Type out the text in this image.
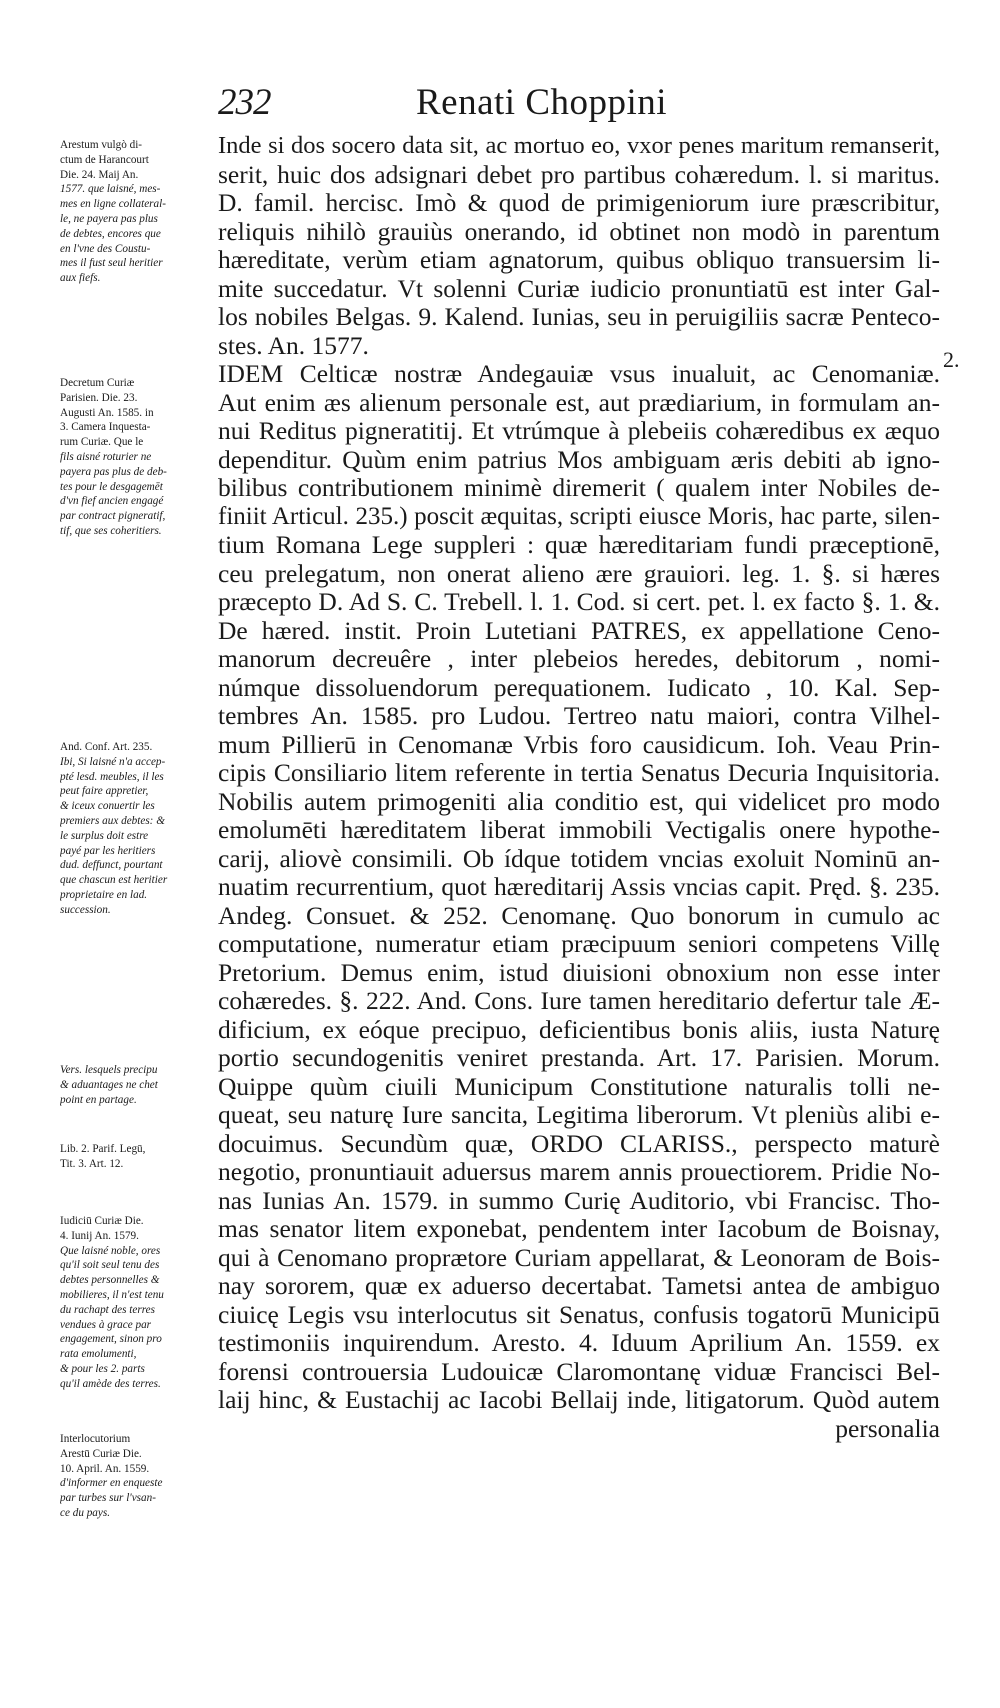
232	Renati Choppini
2.
Inde si dos socero data sit, ac mortuo eo, vxor penes maritum remanserit,
serit, huic dos adsignari debet pro partibus cohæredum. l. si maritus.
D. famil. hercisc. Imò & quod de primigeniorum iure præscribitur,
reliquis nihilò grauiùs onerando, id obtinet non modò in parentum
hæreditate, verùm etiam agnatorum, quibus obliquo transuersim li-
mite succedatur. Vt solenni Curiæ iudicio pronuntiatū est inter Gal-
los nobiles Belgas. 9. Kalend. Iunias, seu in peruigiliis sacræ Penteco-
stes. An. 1577.
IDEM Celticæ nostræ Andegauiæ vsus inualuit, ac Cenomaniæ.
Aut enim æs alienum personale est, aut prædiarium, in formulam an-
nui Reditus pigneratitij. Et vtrúmque à plebeiis cohæredibus ex æquo
dependitur. Quùm enim patrius Mos ambiguam æris debiti ab igno-
bilibus contributionem minimè diremerit ( qualem inter Nobiles de-
finiit Articul. 235.) poscit æquitas, scripti eiusce Moris, hac parte, silen-
tium Romana Lege suppleri : quæ hæreditariam fundi præceptionē,
ceu prelegatum, non onerat alieno ære grauiori. leg. 1. §. si hæres
præcepto D. Ad S. C. Trebell. l. 1. Cod. si cert. pet. l. ex facto §. 1. &.
De hæred. instit. Proin Lutetiani PATRES, ex appellatione Ceno-
manorum decreuêre , inter plebeios heredes, debitorum , nomi-
númque dissoluendorum perequationem. Iudicato , 10. Kal. Sep-
tembres An. 1585. pro Ludou. Tertreo natu maiori, contra Vilhel-
mum Pillierū in Cenomanæ Vrbis foro causidicum. Ioh. Veau Prin-
cipis Consiliario litem referente in tertia Senatus Decuria Inquisitoria.
Nobilis autem primogeniti alia conditio est, qui videlicet pro modo
emolumēti hæreditatem liberat immobili Vectigalis onere hypothe-
carij, aliovè consimili. Ob ídque totidem vncias exoluit Nominū an-
nuatim recurrentium, quot hæreditarij Assis vncias capit. Pręd. §. 235.
Andeg. Consuet. & 252. Cenomanę. Quo bonorum in cumulo ac
computatione, numeratur etiam præcipuum seniori competens Villę
Pretorium. Demus enim, istud diuisioni obnoxium non esse inter
cohæredes. §. 222. And. Cons. Iure tamen hereditario defertur tale Æ-
dificium, ex eóque precipuo, deficientibus bonis aliis, iusta Naturę
portio secundogenitis veniret prestanda. Art. 17. Parisien. Morum.
Quippe quùm ciuili Municipum Constitutione naturalis tolli ne-
queat, seu naturę Iure sancita, Legitima liberorum. Vt pleniùs alibi e-
docuimus. Secundùm quæ, ORDO CLARISS., perspecto maturè
negotio, pronuntiauit aduersus marem annis prouectiorem. Pridie No-
nas Iunias An. 1579. in summo Curię Auditorio, vbi Francisc. Tho-
mas senator litem exponebat, pendentem inter Iacobum de Boisnay,
qui à Cenomano proprætore Curiam appellarat, & Leonoram de Bois-
nay sororem, quæ ex aduerso decertabat. Tametsi antea de ambiguo
ciuicę Legis vsu interlocutus sit Senatus, confusis togatorū Municipū
testimoniis inquirendum. Aresto. 4. Iduum Aprilium An. 1559. ex
forensi controuersia Ludouicæ Claromontanę viduæ Francisci Bel-
laij hinc, & Eustachij ac Iacobi Bellaij inde, litigatorum. Quòd autem
personalia
Arestum vulgò di-
ctum de Harancourt
Die. 24. Maij An.
1577. que laisné, mes-
mes en ligne collateral-
le, ne payera pas plus
de debtes, encores que
en l'vne des Coustu-
mes il fust seul heritier
aux fiefs.
Decretum Curiæ
Parisien. Die. 23.
Augusti An. 1585. in
3. Camera Inquesta-
rum Curiæ. Que le
fils aisné roturier ne
payera pas plus de deb-
tes pour le desgagemēt
d'vn fief ancien engagé
par contract pigneratif,
tif, que ses coheritiers.
And. Conf. Art. 235.
Ibi, Si laisné n'a accep-
pté lesd. meubles, il les
peut faire appretier,
& iceux conuertir les
premiers aux debtes: &
le surplus doit estre
payé par les heritiers
dud. deffunct, pourtant
que chascun est heritier
proprietaire en lad.
succession.
Vers. lesquels precipu
& aduantages ne chet
point en partage.
Lib. 2. Parif. Legū,
Tit. 3. Art. 12.
Iudiciū Curiæ Die.
4. Iunij An. 1579.
Que laisné noble, ores
qu'il soit seul tenu des
debtes personnelles &
mobilieres, il n'est tenu
du rachapt des terres
vendues à grace par
engagement, sinon pro
rata emolumenti,
& pour les 2. parts
qu'il amède des terres.
Interlocutorium
Arestū Curiæ Die.
10. April. An. 1559.
d'informer en enqueste
par turbes sur l'vsan-
ce du pays.
